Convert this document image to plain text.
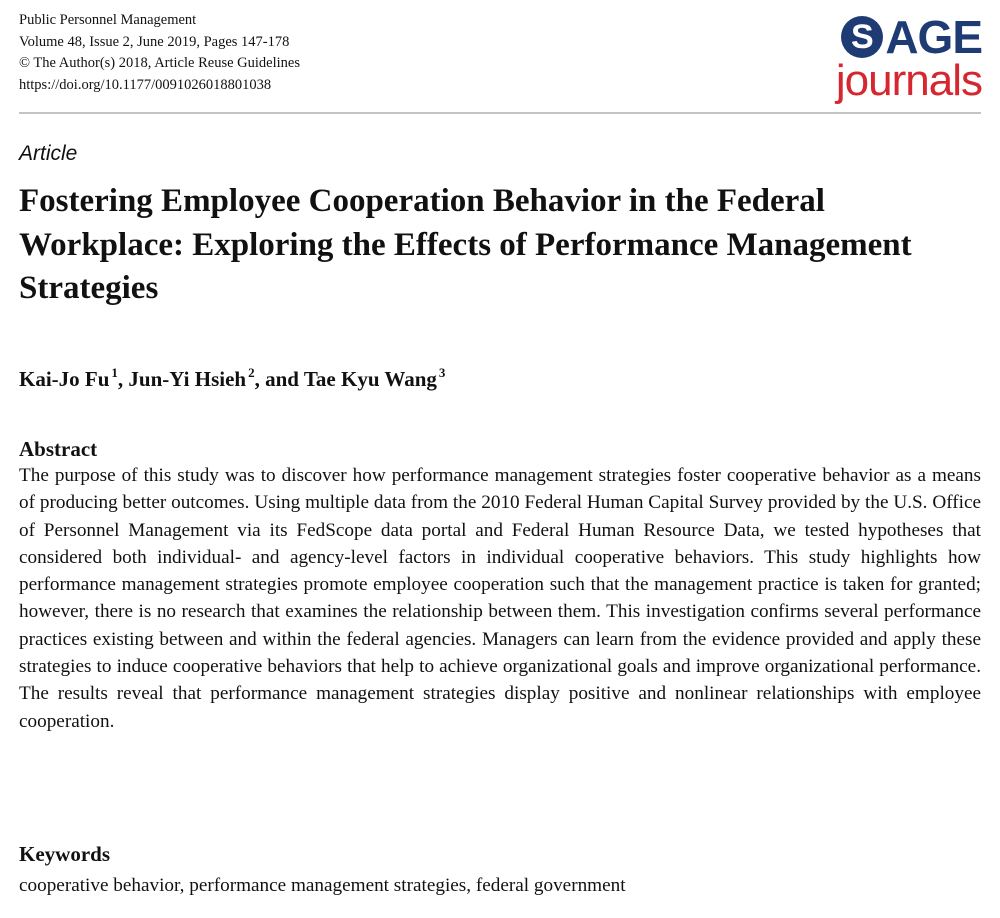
Public Personnel Management
Volume 48, Issue 2, June 2019, Pages 147-178
© The Author(s) 2018, Article Reuse Guidelines
https://doi.org/10.1177/0091026018801038
S AGE
journals
Article
Fostering Employee Cooperation Behavior in the Federal Workplace: Exploring the Effects of Performance Management Strategies
Kai-Jo Fu $^1$, Jun-Yi Hsieh $^2$, and Tae Kyu Wang $^3$
Abstract

The purpose of this study was to discover how performance management strategies foster cooperative behavior as a means of producing better outcomes. Using multiple data from the 2010 Federal Human Capital Survey provided by the U.S. Office of Personnel Management via its FedScope data portal and Federal Human Resource Data, we tested hypotheses that considered both individual- and agency-level factors in individual cooperative behaviors. This study highlights how performance management strategies promote employee cooperation such that the management practice is taken for granted; however, there is no research that examines the relationship between them. This investigation confirms several performance practices existing between and within the federal agencies. Managers can learn from the evidence provided and apply these strategies to induce cooperative behaviors that help to achieve organizational goals and improve organizational performance. The results reveal that performance management strategies display positive and nonlinear relationships with employee cooperation.

Keywords
cooperative behavior, performance management strategies, federal government
